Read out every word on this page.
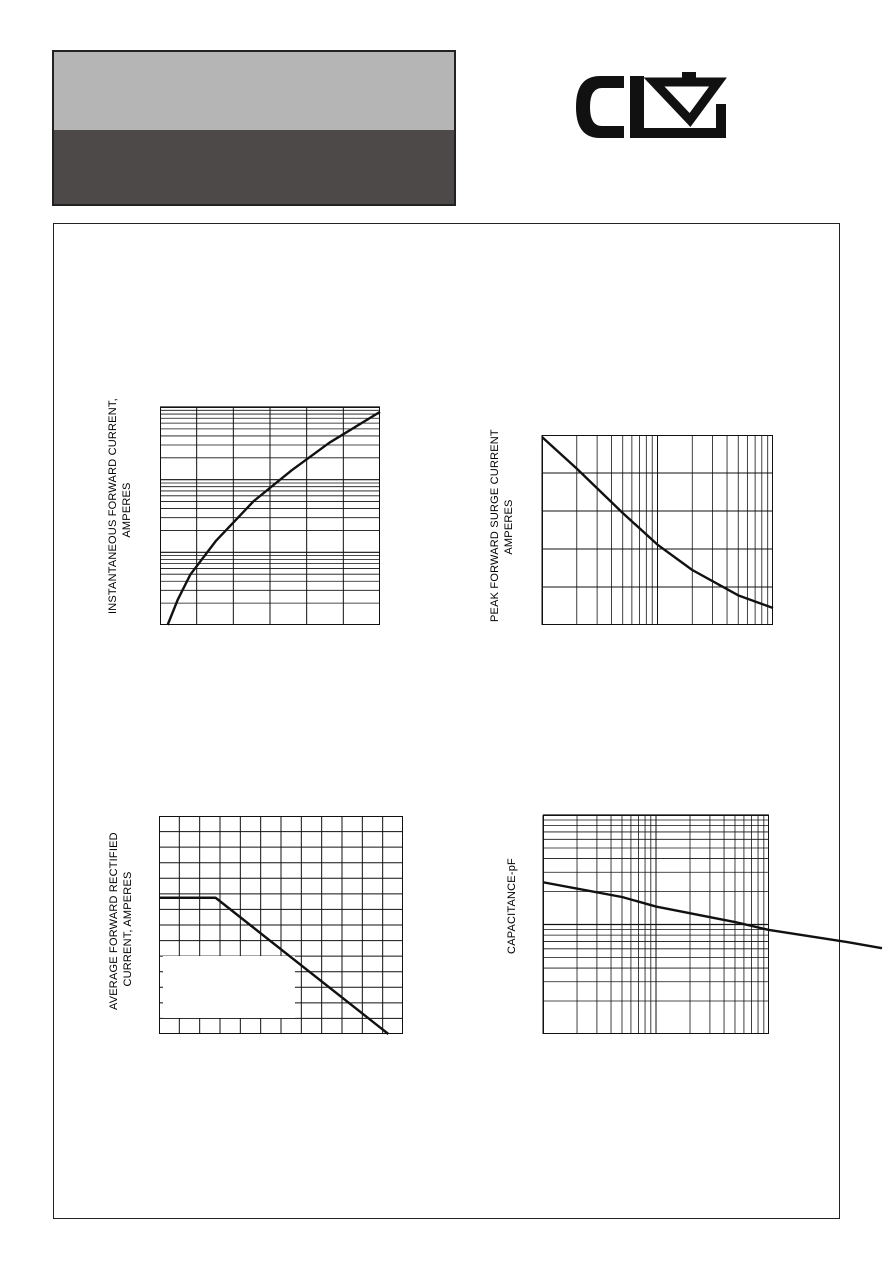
INSTANTANEOUS FORWARD CURRENT, AMPERES	PEAK FORWARD SURGE CURRENT AMPERES
AVERAGE FORWARD RECTIFIED CURRENT, AMPERES	CAPACITANCE-pF
